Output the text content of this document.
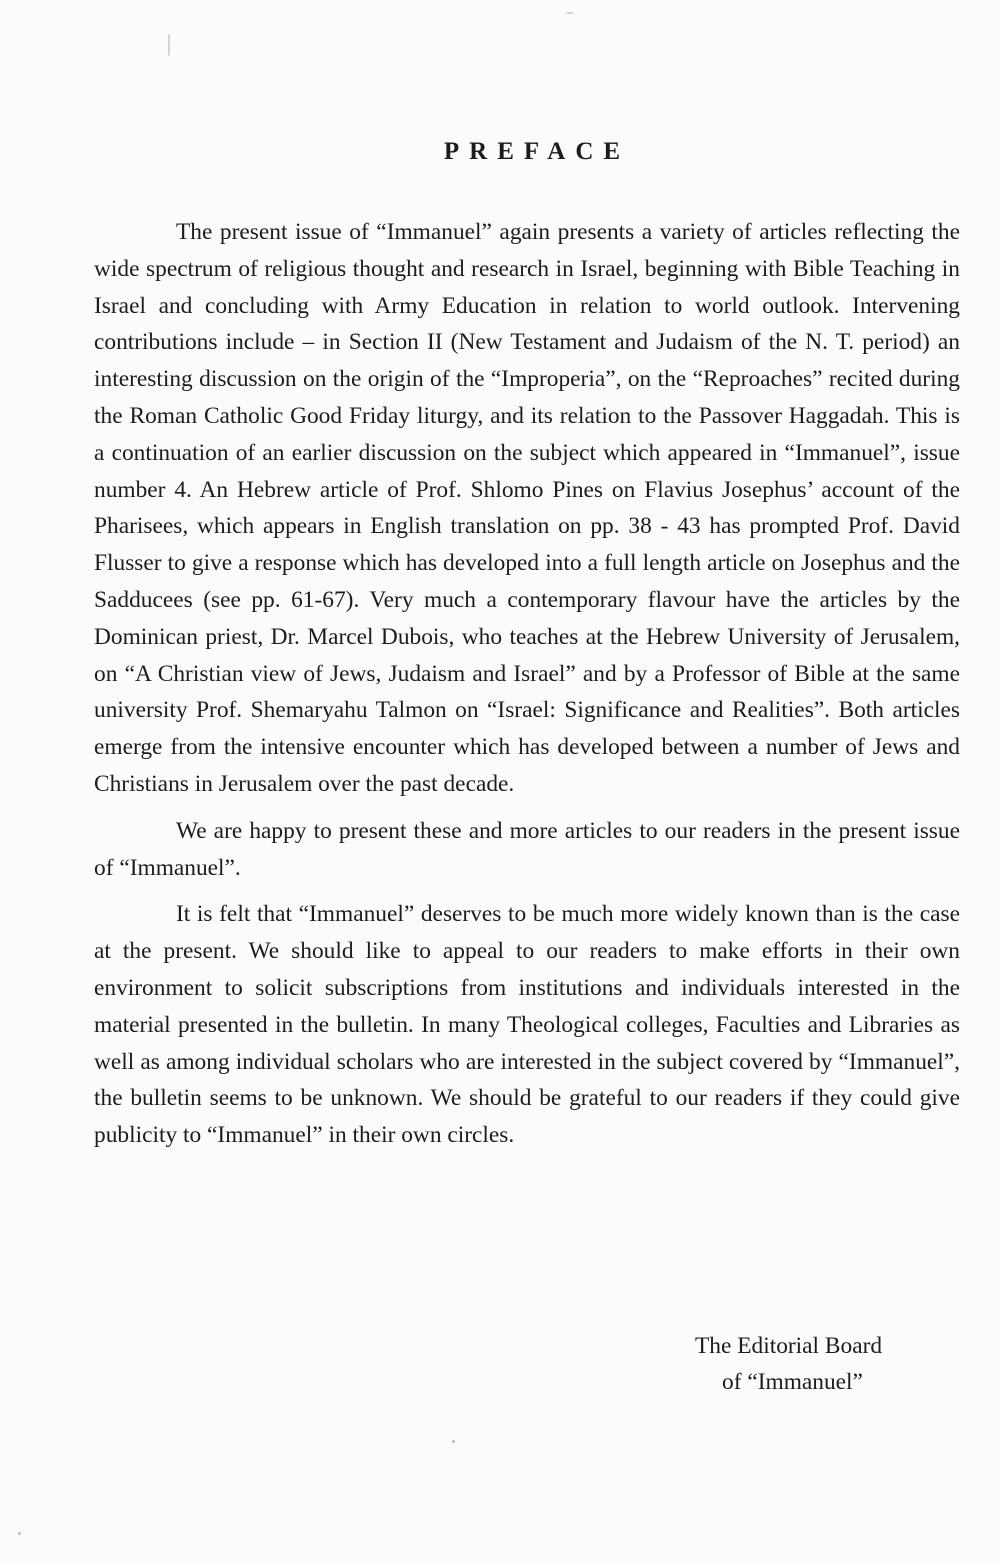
PREFACE

The present issue of “Immanuel” again presents a variety of articles reflecting the wide spectrum of religious thought and research in Israel, beginning with Bible Teaching in Israel and concluding with Army Education in relation to world outlook. Intervening contributions include – in Section II (New Testament and Judaism of the N. T. period) an interesting discussion on the origin of the “Improperia”, on the “Reproaches” recited during the Roman Catholic Good Friday liturgy, and its relation to the Passover Haggadah. This is a continuation of an earlier discussion on the subject which appeared in “Immanuel”, issue number 4. An Hebrew article of Prof. Shlomo Pines on Flavius Josephus’ account of the Pharisees, which appears in English translation on pp. 38 - 43 has prompted Prof. David Flusser to give a response which has developed into a full length article on Josephus and the Sadducees (see pp. 61-67). Very much a contemporary flavour have the articles by the Dominican priest, Dr. Marcel Dubois, who teaches at the Hebrew University of Jerusalem, on “A Christian view of Jews, Judaism and Israel” and by a Professor of Bible at the same university Prof. Shemaryahu Talmon on “Israel: Significance and Realities”. Both articles emerge from the intensive encounter which has developed between a number of Jews and Christians in Jerusalem over the past decade.

We are happy to present these and more articles to our readers in the present issue of “Immanuel”.

It is felt that “Immanuel” deserves to be much more widely known than is the case at the present. We should like to appeal to our readers to make efforts in their own environment to solicit subscriptions from institutions and individuals interested in the material presented in the bulletin. In many Theological colleges, Faculties and Libraries as well as among individual scholars who are interested in the subject covered by “Immanuel”, the bulletin seems to be unknown. We should be grateful to our readers if they could give publicity to “Immanuel” in their own circles.

The Editorial Board
of “Immanuel”
